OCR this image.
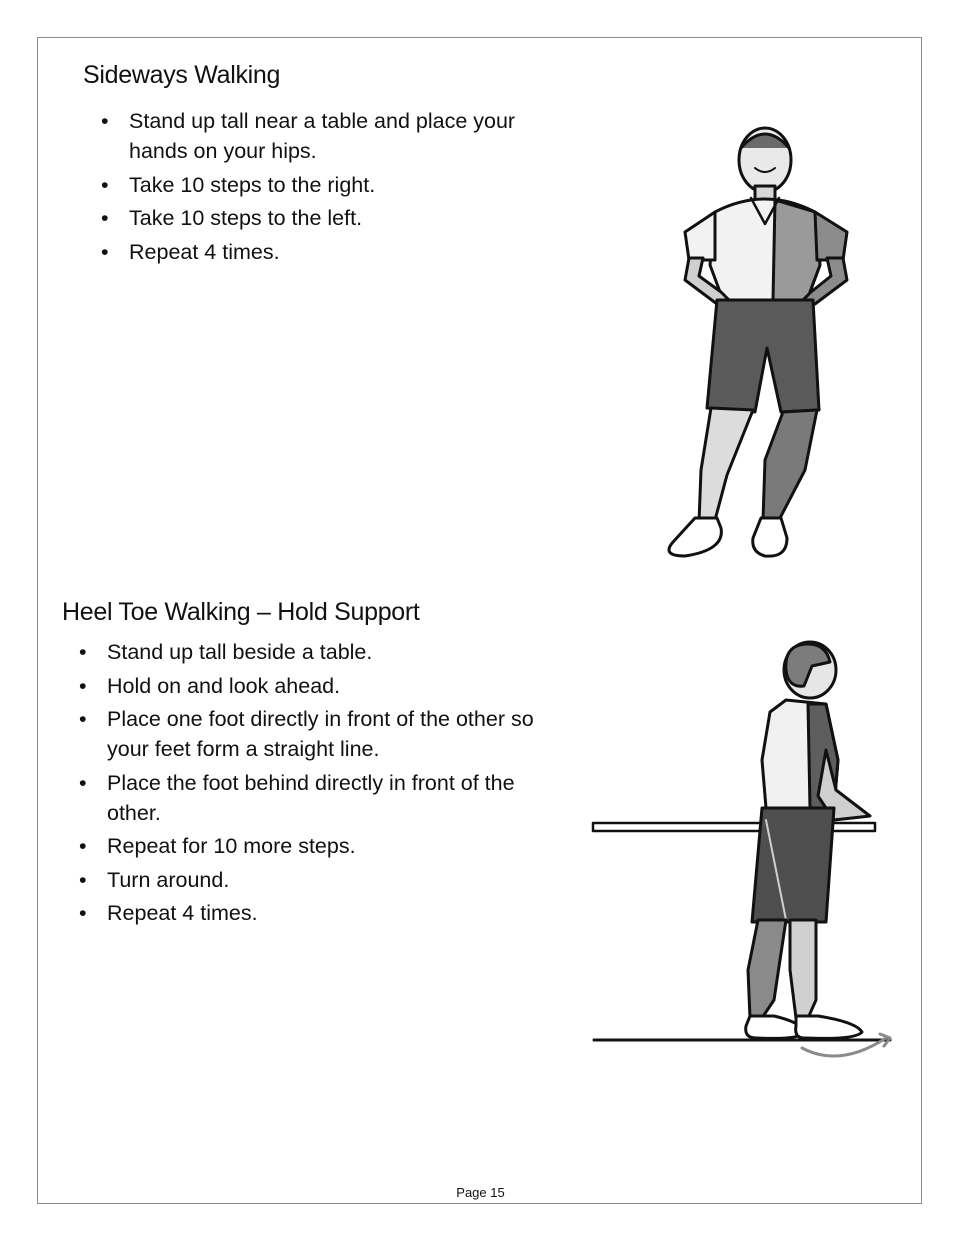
Sideways Walking
• Stand up tall near a table and place your hands on your hips.
• Take 10 steps to the right.
• Take 10 steps to the left.
• Repeat 4 times.
Heel Toe Walking – Hold Support
• Stand up tall beside a table.
• Hold on and look ahead.
• Place one foot directly in front of the other so your feet form a straight line.
• Place the foot behind directly in front of the other.
• Repeat for 10 more steps.
• Turn around.
• Repeat 4 times.
Page 15
